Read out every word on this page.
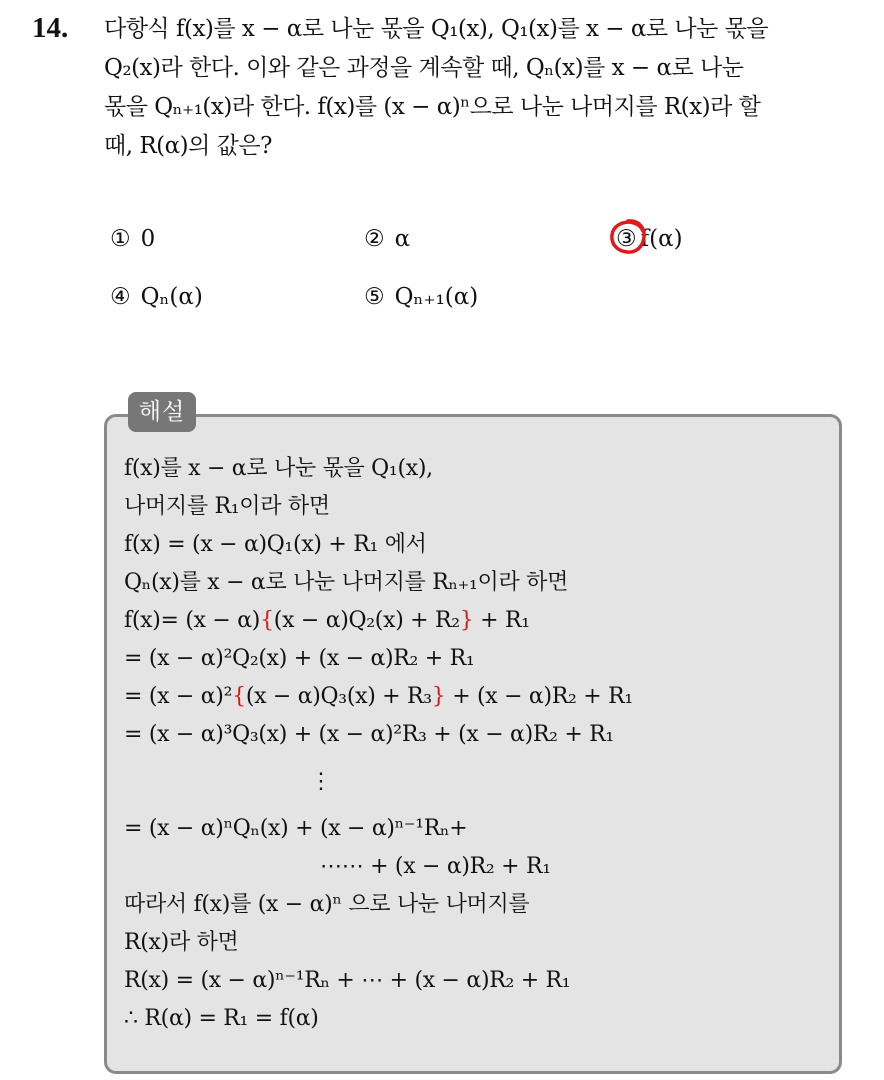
14. 다항식 f(x)를 x − α로 나눈 몫을 Q₁(x), Q₁(x)를 x − α로 나눈 몫을
Q₂(x)라 한다. 이와 같은 과정을 계속할 때, Qₙ(x)를 x − α로 나눈
몫을 Qₙ₊₁(x)라 한다. f(x)를 (x − α)ⁿ으로 나눈 나머지를 R(x)라 할
때, R(α)의 값은?
① 0	② α	③ f(α)
④ Qₙ(α)	⑤ Qₙ₊₁(α)
해설
f(x)를 x − α로 나눈 몫을 Q₁(x),
나머지를 R₁이라 하면
f(x) = (x − α)Q₁(x) + R₁ 에서
Qₙ(x)를 x − α로 나눈 나머지를 Rₙ₊₁이라 하면
f(x)= (x − α){(x − α)Q₂(x) + R₂} + R₁
= (x − α)²Q₂(x) + (x − α)R₂ + R₁
= (x − α)²{(x − α)Q₃(x) + R₃} + (x − α)R₂ + R₁
= (x − α)³Q₃(x) + (x − α)²R₃ + (x − α)R₂ + R₁
⋮
= (x − α)ⁿQₙ(x) + (x − α)ⁿ⁻¹Rₙ+
⋯⋯ + (x − α)R₂ + R₁
따라서 f(x)를 (x − α)ⁿ 으로 나눈 나머지를
R(x)라 하면
R(x) = (x − α)ⁿ⁻¹Rₙ + ⋯ + (x − α)R₂ + R₁
∴ R(α) = R₁ = f(α)
